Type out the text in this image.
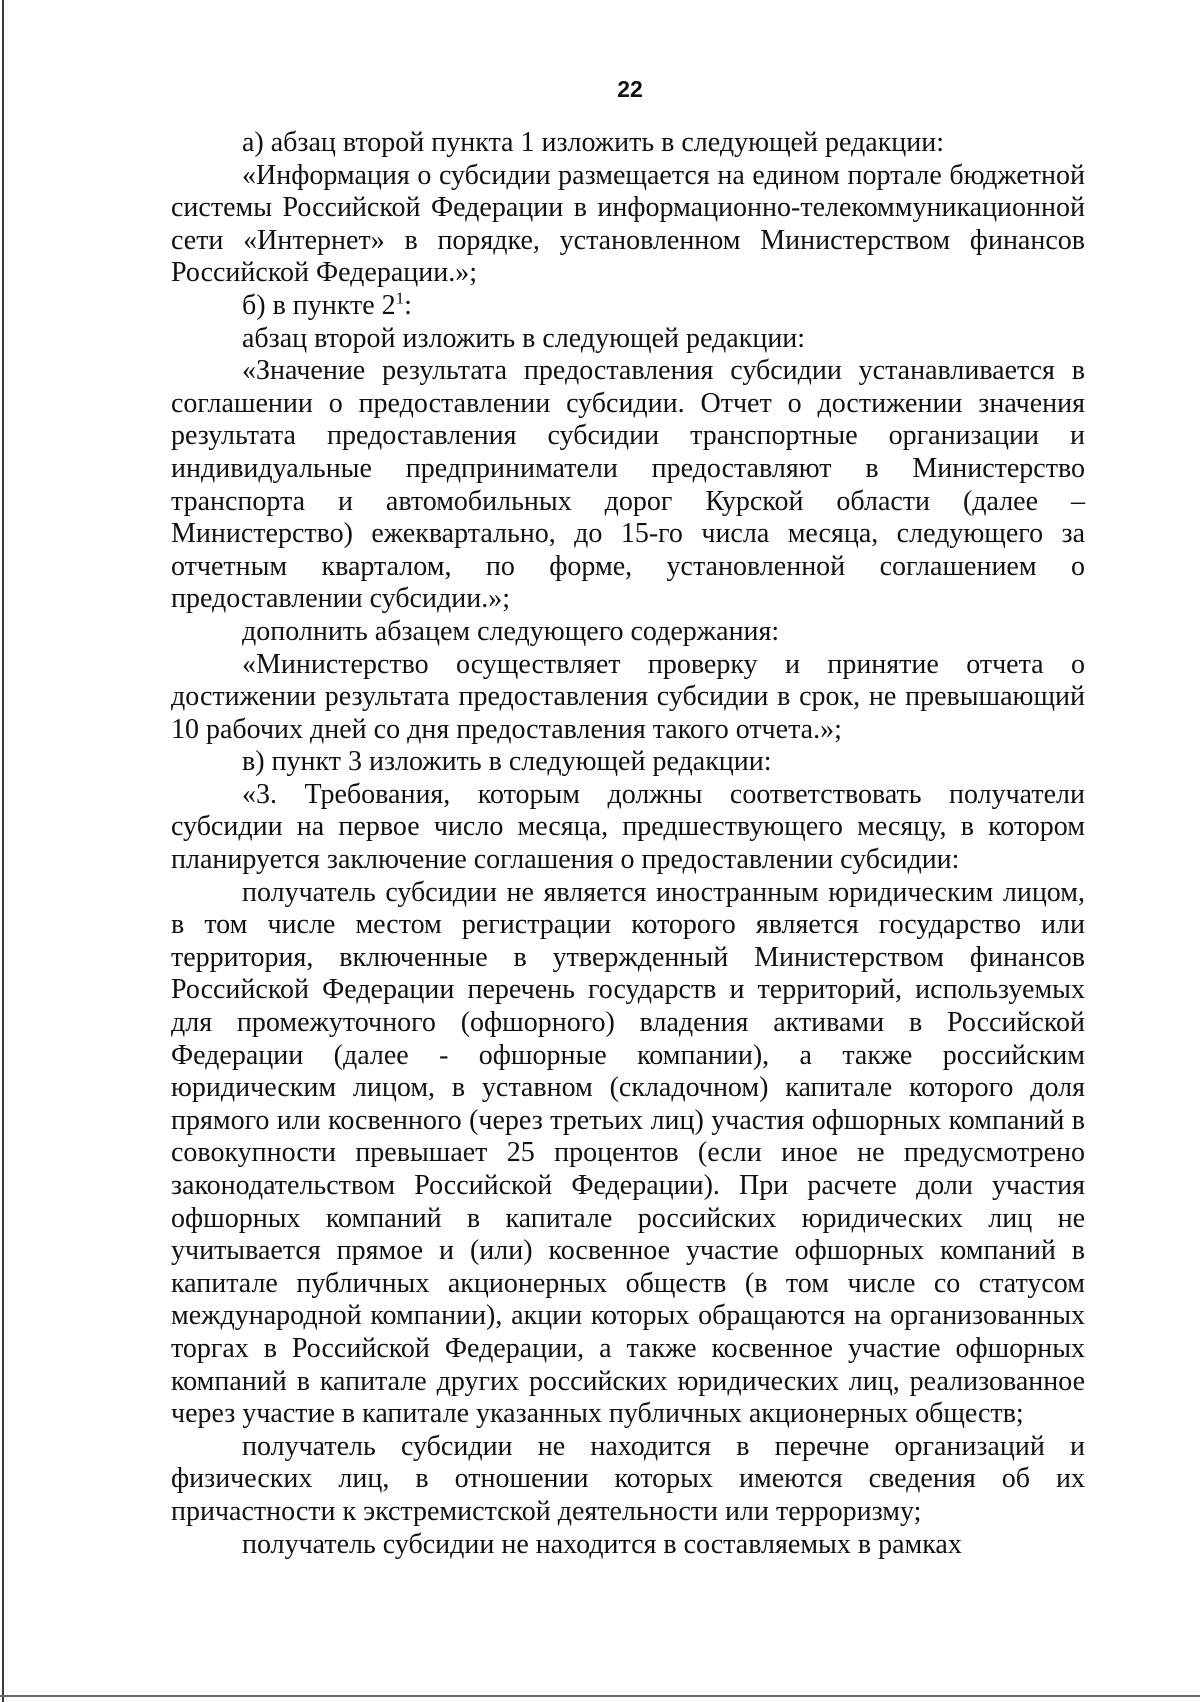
22

а) абзац второй пункта 1 изложить в следующей редакции:

«Информация о субсидии размещается на едином портале бюджетной системы Российской Федерации в информационно-телекоммуникационной сети «Интернет» в порядке, установленном Министерством финансов Российской Федерации.»;

б) в пункте $2^1$:

абзац второй изложить в следующей редакции:

«Значение результата предоставления субсидии устанавливается в соглашении о предоставлении субсидии. Отчет о достижении значения результата предоставления субсидии транспортные организации и индивидуальные предприниматели предоставляют в Министерство транспорта и автомобильных дорог Курской области (далее – Министерство) ежеквартально, до 15-го числа месяца, следующего за отчетным кварталом, по форме, установленной соглашением о предоставлении субсидии.»;

дополнить абзацем следующего содержания:

«Министерство осуществляет проверку и принятие отчета о достижении результата предоставления субсидии в срок, не превышающий 10 рабочих дней со дня предоставления такого отчета.»;

в) пункт 3 изложить в следующей редакции:

«3. Требования, которым должны соответствовать получатели субсидии на первое число месяца, предшествующего месяцу, в котором планируется заключение соглашения о предоставлении субсидии:

получатель субсидии не является иностранным юридическим лицом, в том числе местом регистрации которого является государство или территория, включенные в утвержденный Министерством финансов Российской Федерации перечень государств и территорий, используемых для промежуточного (офшорного) владения активами в Российской Федерации (далее - офшорные компании), а также российским юридическим лицом, в уставном (складочном) капитале которого доля прямого или косвенного (через третьих лиц) участия офшорных компаний в совокупности превышает 25 процентов (если иное не предусмотрено законодательством Российской Федерации). При расчете доли участия офшорных компаний в капитале российских юридических лиц не учитывается прямое и (или) косвенное участие офшорных компаний в капитале публичных акционерных обществ (в том числе со статусом международной компании), акции которых обращаются на организованных торгах в Российской Федерации, а также косвенное участие офшорных компаний в капитале других российских юридических лиц, реализованное через участие в капитале указанных публичных акционерных обществ;

получатель субсидии не находится в перечне организаций и физических лиц, в отношении которых имеются сведения об их причастности к экстремистской деятельности или терроризму;

получатель субсидии не находится в составляемых в рамках
